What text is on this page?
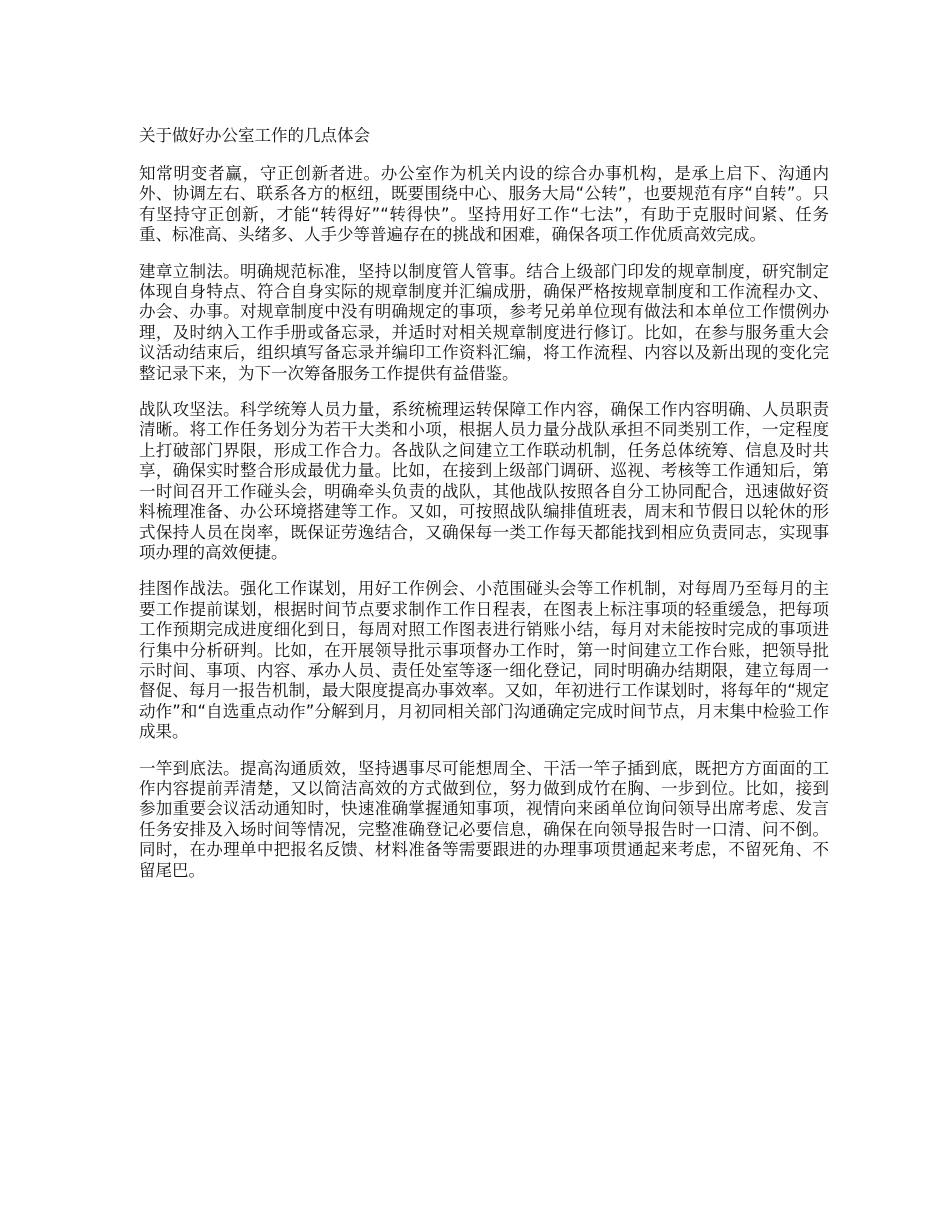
关于做好办公室工作的几点体会

知常明变者赢，守正创新者进。办公室作为机关内设的综合办事机构，是承上启下、沟通内外、协调左右、联系各方的枢纽，既要围绕中心、服务大局“公转”，也要规范有序“自转”。只有坚持守正创新，才能“转得好”“转得快”。坚持用好工作“七法”，有助于克服时间紧、任务重、标准高、头绪多、人手少等普遍存在的挑战和困难，确保各项工作优质高效完成。

建章立制法。明确规范标准，坚持以制度管人管事。结合上级部门印发的规章制度，研究制定体现自身特点、符合自身实际的规章制度并汇编成册，确保严格按规章制度和工作流程办文、办会、办事。对规章制度中没有明确规定的事项，参考兄弟单位现有做法和本单位工作惯例办理，及时纳入工作手册或备忘录，并适时对相关规章制度进行修订。比如，在参与服务重大会议活动结束后，组织填写备忘录并编印工作资料汇编，将工作流程、内容以及新出现的变化完整记录下来，为下一次筹备服务工作提供有益借鉴。

战队攻坚法。科学统筹人员力量，系统梳理运转保障工作内容，确保工作内容明确、人员职责清晰。将工作任务划分为若干大类和小项，根据人员力量分战队承担不同类别工作，一定程度上打破部门界限，形成工作合力。各战队之间建立工作联动机制，任务总体统筹、信息及时共享，确保实时整合形成最优力量。比如，在接到上级部门调研、巡视、考核等工作通知后，第一时间召开工作碰头会，明确牵头负责的战队，其他战队按照各自分工协同配合，迅速做好资料梳理准备、办公环境搭建等工作。又如，可按照战队编排值班表，周末和节假日以轮休的形式保持人员在岗率，既保证劳逸结合，又确保每一类工作每天都能找到相应负责同志，实现事项办理的高效便捷。

挂图作战法。强化工作谋划，用好工作例会、小范围碰头会等工作机制，对每周乃至每月的主要工作提前谋划，根据时间节点要求制作工作日程表，在图表上标注事项的轻重缓急，把每项工作预期完成进度细化到日，每周对照工作图表进行销账小结，每月对未能按时完成的事项进行集中分析研判。比如，在开展领导批示事项督办工作时，第一时间建立工作台账，把领导批示时间、事项、内容、承办人员、责任处室等逐一细化登记，同时明确办结期限，建立每周一督促、每月一报告机制，最大限度提高办事效率。又如，年初进行工作谋划时，将每年的“规定动作”和“自选重点动作”分解到月，月初同相关部门沟通确定完成时间节点，月末集中检验工作成果。

一竿到底法。提高沟通质效，坚持遇事尽可能想周全、干活一竿子插到底，既把方方面面的工作内容提前弄清楚，又以简洁高效的方式做到位，努力做到成竹在胸、一步到位。比如，接到参加重要会议活动通知时，快速准确掌握通知事项，视情向来函单位询问领导出席考虑、发言任务安排及入场时间等情况，完整准确登记必要信息，确保在向领导报告时一口清、问不倒。同时，在办理单中把报名反馈、材料准备等需要跟进的办理事项贯通起来考虑，不留死角、不留尾巴。
